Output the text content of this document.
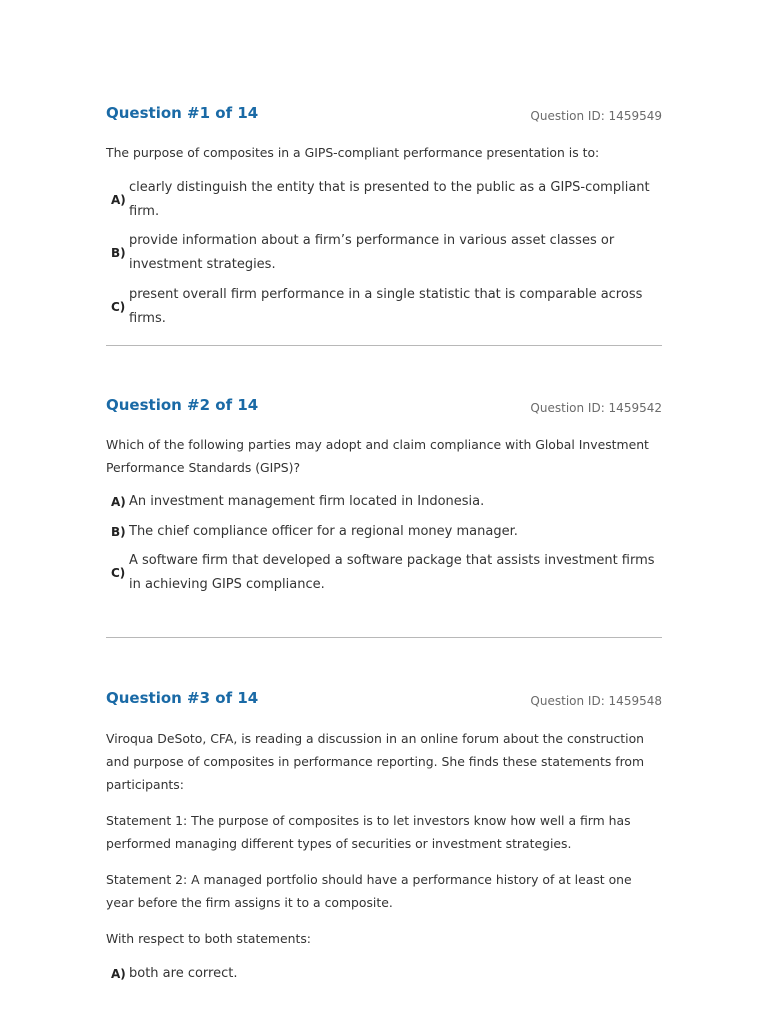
Question #1 of 14	Question ID: 1459549

The purpose of composites in a GIPS-compliant performance presentation is to:

A)
clearly distinguish the entity that is presented to the public as a GIPS-compliant firm.
B)
provide information about a firm’s performance in various asset classes or investment strategies.
C)
present overall firm performance in a single statistic that is comparable across firms.
Question #2 of 14	Question ID: 1459542

Which of the following parties may adopt and claim compliance with Global Investment Performance Standards (GIPS)?

A) An investment management firm located in Indonesia.
B) The chief compliance officer for a regional money manager.
C)
A software firm that developed a software package that assists investment firms in achieving GIPS compliance.
Question #3 of 14	Question ID: 1459548

Viroqua DeSoto, CFA, is reading a discussion in an online forum about the construction and purpose of composites in performance reporting. She finds these statements from participants:

Statement 1: The purpose of composites is to let investors know how well a firm has performed managing different types of securities or investment strategies.

Statement 2: A managed portfolio should have a performance history of at least one year before the firm assigns it to a composite.

With respect to both statements:

A) both are correct.
